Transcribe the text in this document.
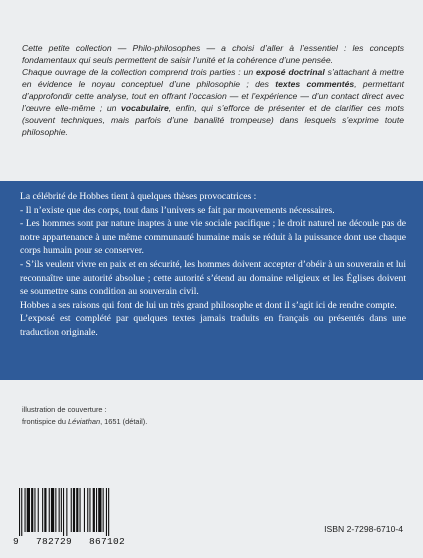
Cette petite collection — Philo-philosophes — a choisi d’aller à l’essentiel : les concepts fondamentaux qui seuls permettent de saisir l’unité et la cohérence d’une pensée.

Chaque ouvrage de la collection comprend trois parties : un exposé doctrinal s’attachant à mettre en évidence le noyau conceptuel d’une philosophie ; des textes commentés, permettant d’approfondir cette analyse, tout en offrant l’occasion — et l’expérience — d’un contact direct avec l’œuvre elle-même ; un vocabulaire, enfin, qui s’efforce de présenter et de clarifier ces mots (souvent techniques, mais parfois d’une banalité trompeuse) dans lesquels s’exprime toute philosophie.

La célébrité de Hobbes tient à quelques thèses provocatrices :

- Il n’existe que des corps, tout dans l’univers se fait par mouvements nécessaires.

- Les hommes sont par nature inaptes à une vie sociale pacifique ; le droit naturel ne découle pas de notre appartenance à une même communauté humaine mais se réduit à la puissance dont use chaque corps humain pour se conserver.

- S’ils veulent vivre en paix et en sécurité, les hommes doivent accepter d’obéir à un souverain et lui reconnaître une autorité absolue ; cette autorité s’étend au domaine religieux et les Églises doivent se soumettre sans condition au souverain civil.

Hobbes a ses raisons qui font de lui un très grand philosophe et dont il s’agit ici de rendre compte.

L’exposé est complété par quelques textes jamais traduits en français ou présentés dans une traduction originale.

illustration de couverture :

frontispice du Léviathan, 1651 (détail).

9 782729 867102
ISBN 2-7298-6710-4
